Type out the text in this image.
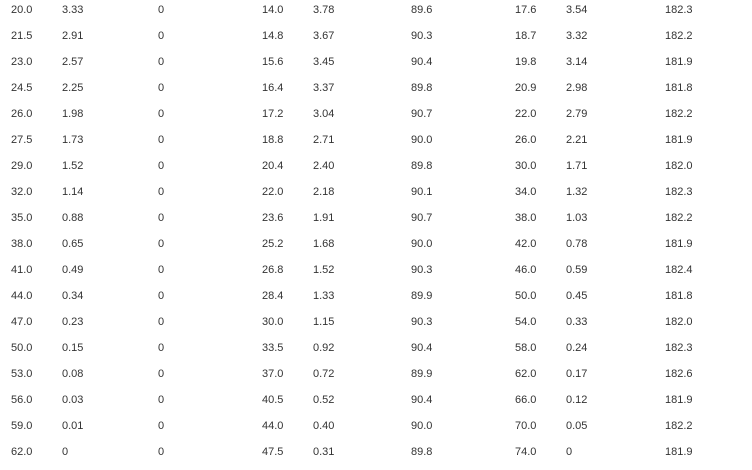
20.0	3.33	0	14.0	3.78	89.6	17.6	3.54	182.3
21.5	2.91	0	14.8	3.67	90.3	18.7	3.32	182.2
23.0	2.57	0	15.6	3.45	90.4	19.8	3.14	181.9
24.5	2.25	0	16.4	3.37	89.8	20.9	2.98	181.8
26.0	1.98	0	17.2	3.04	90.7	22.0	2.79	182.2
27.5	1.73	0	18.8	2.71	90.0	26.0	2.21	181.9
29.0	1.52	0	20.4	2.40	89.8	30.0	1.71	182.0
32.0	1.14	0	22.0	2.18	90.1	34.0	1.32	182.3
35.0	0.88	0	23.6	1.91	90.7	38.0	1.03	182.2
38.0	0.65	0	25.2	1.68	90.0	42.0	0.78	181.9
41.0	0.49	0	26.8	1.52	90.3	46.0	0.59	182.4
44.0	0.34	0	28.4	1.33	89.9	50.0	0.45	181.8
47.0	0.23	0	30.0	1.15	90.3	54.0	0.33	182.0
50.0	0.15	0	33.5	0.92	90.4	58.0	0.24	182.3
53.0	0.08	0	37.0	0.72	89.9	62.0	0.17	182.6
56.0	0.03	0	40.5	0.52	90.4	66.0	0.12	181.9
59.0	0.01	0	44.0	0.40	90.0	70.0	0.05	182.2
62.0	0	0	47.5	0.31	89.8	74.0	0	181.9
